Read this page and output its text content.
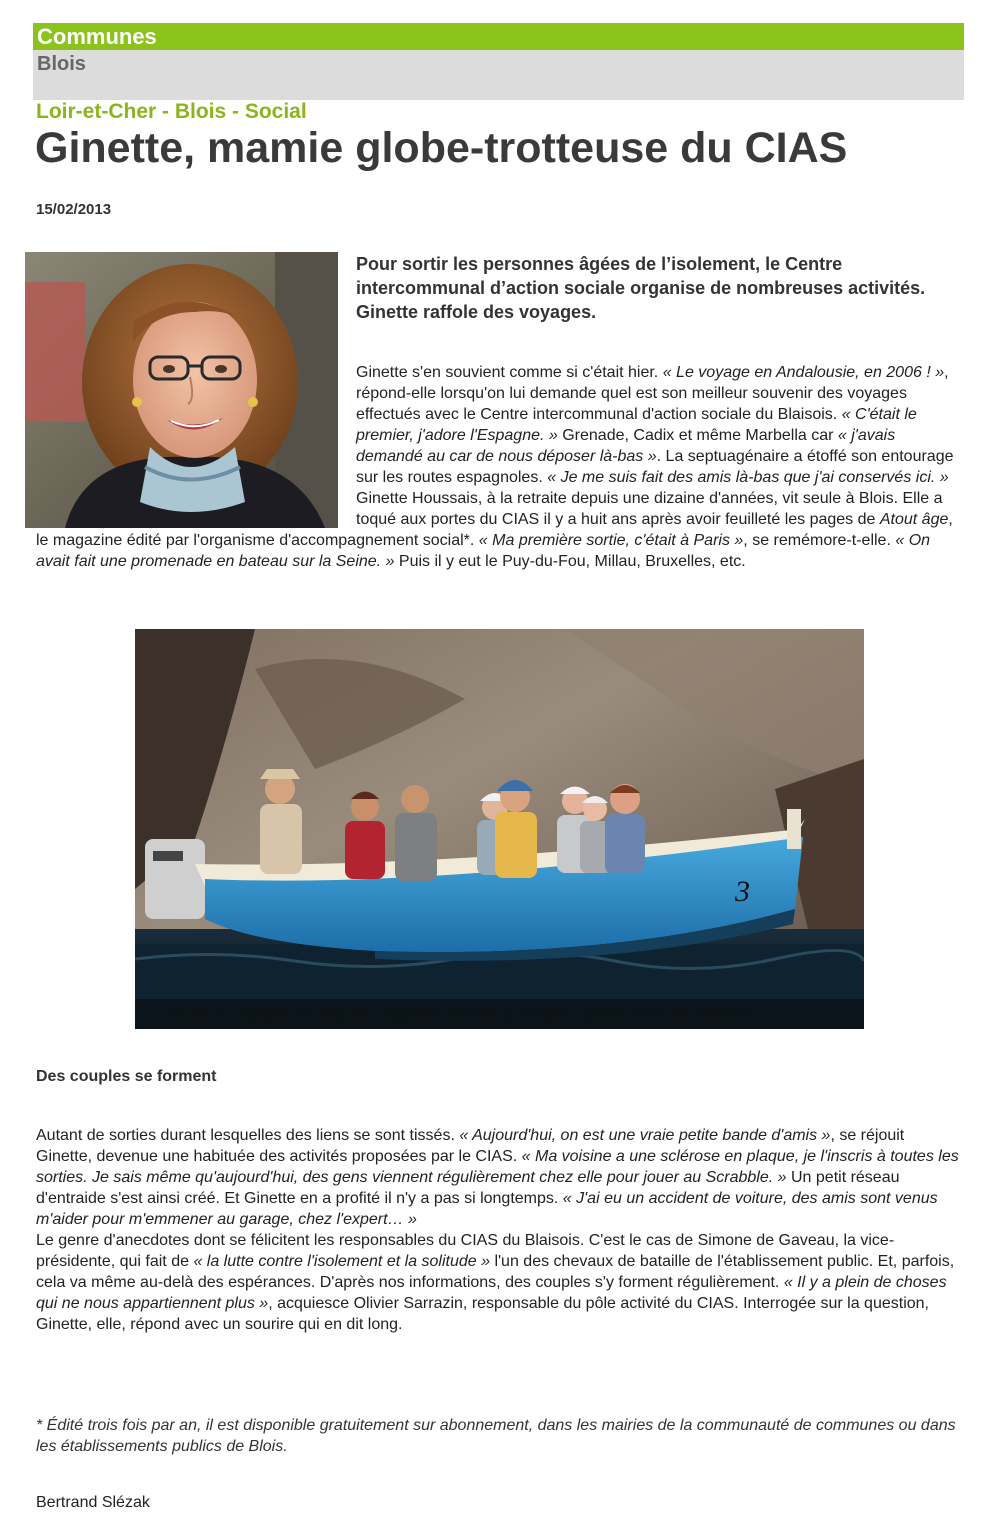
Communes
Blois
Loir-et-Cher - Blois - Social
Ginette, mamie globe-trotteuse du CIAS
15/02/2013
Pour sortir les personnes âgées de l’isolement, le Centre intercommunal d’action sociale organise de nombreuses activités. Ginette raffole des voyages.

Ginette s'en souvient comme si c'était hier. « Le voyage en Andalousie, en 2006 ! », répond-elle lorsqu'on lui demande quel est son meilleur souvenir des voyages effectués avec le Centre intercommunal d'action sociale du Blaisois. « C'était le premier, j'adore l'Espagne. » Grenade, Cadix et même Marbella car « j'avais demandé au car de nous déposer là-bas ». La septuagénaire a étoffé son entourage sur les routes espagnoles. « Je me suis fait des amis là-bas que j'ai conservés ici. » Ginette Houssais, à la retraite depuis une dizaine d'années, vit seule à Blois. Elle a toqué aux portes du CIAS il y a huit ans après avoir feuilleté les pages de Atout âge, le magazine édité par l'organisme d'accompagnement social*. « Ma première sortie, c'était à Paris », se remémore-t-elle. « On avait fait une promenade en bateau sur la Seine. » Puis il y eut le Puy-du-Fou, Millau, Bruxelles, etc.

3
Plusieurs voyages ont déjà été organisés comme ici à Malte. - (Photo CIAS du Blaisois)
Des couples se forment

Autant de sorties durant lesquelles des liens se sont tissés. « Aujourd'hui, on est une vraie petite bande d'amis », se réjouit Ginette, devenue une habituée des activités proposées par le CIAS. « Ma voisine a une sclérose en plaque, je l'inscris à toutes les sorties. Je sais même qu'aujourd'hui, des gens viennent régulièrement chez elle pour jouer au Scrabble. » Un petit réseau d'entraide s'est ainsi créé. Et Ginette en a profité il n'y a pas si longtemps. « J'ai eu un accident de voiture, des amis sont venus m'aider pour m'emmener au garage, chez l'expert… »

Le genre d'anecdotes dont se félicitent les responsables du CIAS du Blaisois. C'est le cas de Simone de Gaveau, la vice-présidente, qui fait de « la lutte contre l'isolement et la solitude » l'un des chevaux de bataille de l'établissement public. Et, parfois, cela va même au-delà des espérances. D'après nos informations, des couples s'y forment régulièrement. « Il y a plein de choses qui ne nous appartiennent plus », acquiesce Olivier Sarrazin, responsable du pôle activité du CIAS. Interrogée sur la question, Ginette, elle, répond avec un sourire qui en dit long.

* Édité trois fois par an, il est disponible gratuitement sur abonnement, dans les mairies de la communauté de communes ou dans les établissements publics de Blois.
Bertrand Slézak
